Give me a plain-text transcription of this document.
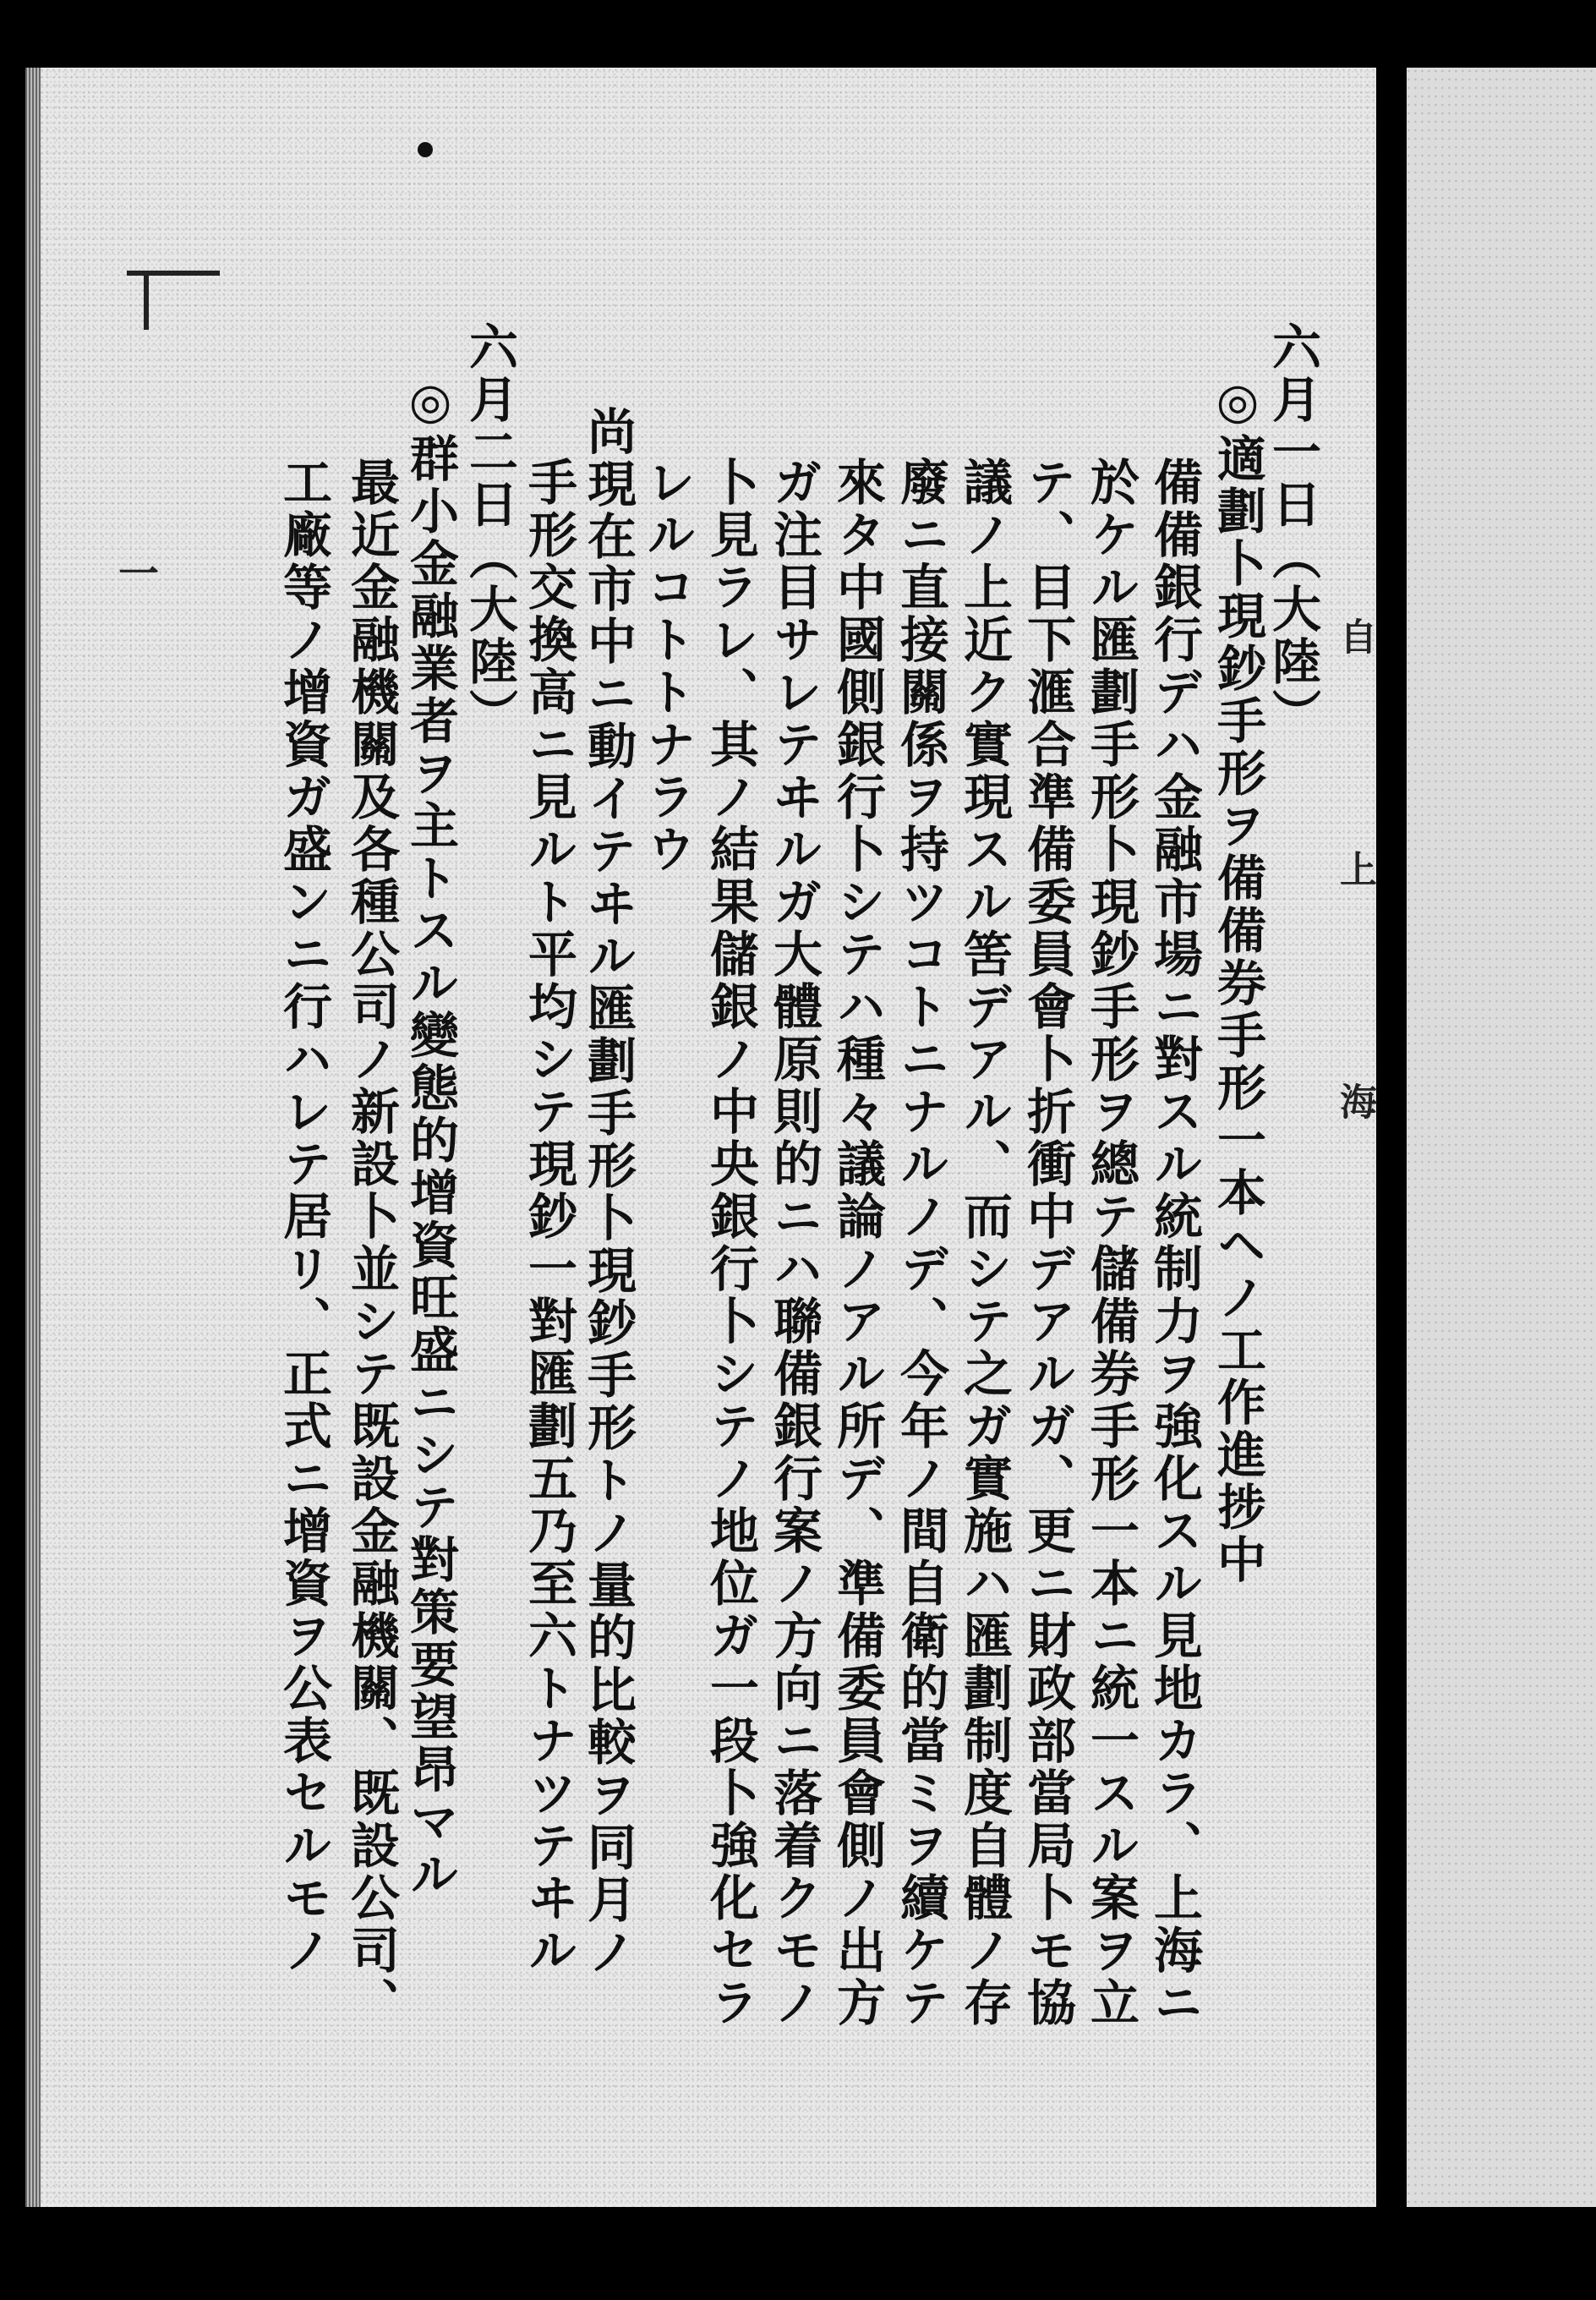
一
自 上 海
六月一日（大陸）
◎適劃卜現鈔手形ヲ備備券手形一本ヘノ工作進捗中
備備銀行デハ金融市場ニ對スル統制力ヲ強化スル見地カラ、上海ニ
於ケル匯劃手形卜現鈔手形ヲ總テ儲備券手形一本ニ統一スル案ヲ立
テ、目下滙合準備委員會卜折衝中デアルガ、更ニ財政部當局卜モ協
議ノ上近ク實現スル筈デアル、而シテ之ガ實施ハ匯劃制度自體ノ存
廢ニ直接關係ヲ持ツコトニナルノデ、今年ノ間自衛的當ミヲ續ケテ
來タ中國側銀行卜シテハ種々議論ノアル所デ、準備委員會側ノ出方
ガ注目サレテヰルガ大體原則的ニハ聯備銀行案ノ方向ニ落着クモノ
卜見ラレ、其ノ結果儲銀ノ中央銀行卜シテノ地位ガ一段卜強化セラ
レルコトトナラウ
尚現在市中ニ動イテヰル匯劃手形卜現鈔手形トノ量的比較ヲ同月ノ
手形交換高ニ見ルト平均シテ現鈔一對匯劃五乃至六トナツテヰル
六月二日（大陸）
◎群小金融業者ヲ主トスル變態的增資旺盛ニシテ對策要望昂マル
最近金融機關及各種公司ノ新設卜並シテ既設金融機關、既設公司、
工廠等ノ增資ガ盛ンニ行ハレテ居リ、正式ニ增資ヲ公表セルモノ
